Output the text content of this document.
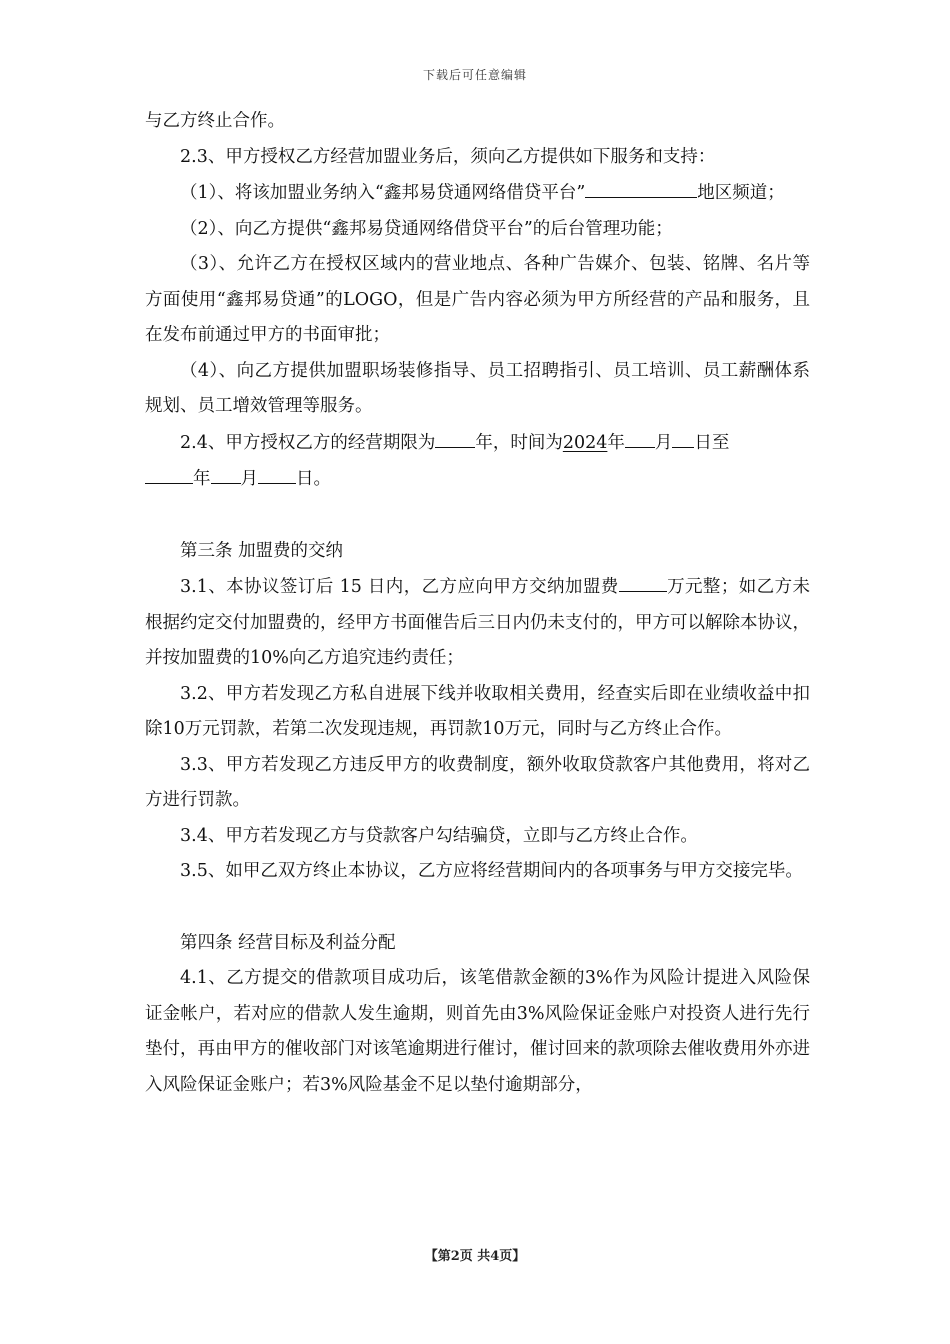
下载后可任意编辑

与乙方终止合作。

2.3、甲方授权乙方经营加盟业务后，须向乙方提供如下服务和支持：

（1）、将该加盟业务纳入“鑫邦易贷通网络借贷平台”	地区频道；

（2）、向乙方提供“鑫邦易贷通网络借贷平台”的后台管理功能；

（3）、允许乙方在授权区域内的营业地点、各种广告媒介、包装、铭牌、名片等方面使用“鑫邦易贷通”的LOGO，但是广告内容必须为甲方所经营的产品和服务，且在发布前通过甲方的书面审批；

（4）、向乙方提供加盟职场装修指导、员工招聘指引、员工培训、员工薪酬体系规划、员工增效管理等服务。

2.4、甲方授权乙方的经营期限为 年，时间为2024年 月 日至
年 月 日。

第三条 加盟费的交纳

3.1、本协议签订后 15 日内，乙方应向甲方交纳加盟费	万元整；如乙方未根据约定交付加盟费的，经甲方书面催告后三日内仍未支付的，甲方可以解除本协议，并按加盟费的10%向乙方追究违约责任；

3.2、甲方若发现乙方私自进展下线并收取相关费用，经查实后即在业绩收益中扣除10万元罚款，若第二次发现违规，再罚款10万元，同时与乙方终止合作。

3.3、甲方若发现乙方违反甲方的收费制度，额外收取贷款客户其他费用，将对乙方进行罚款。

3.4、甲方若发现乙方与贷款客户勾结骗贷，立即与乙方终止合作。

3.5、如甲乙双方终止本协议，乙方应将经营期间内的各项事务与甲方交接完毕。

第四条 经营目标及利益分配

4.1、乙方提交的借款项目成功后，该笔借款金额的3%作为风险计提进入风险保证金帐户，若对应的借款人发生逾期，则首先由3%风险保证金账户对投资人进行先行垫付，再由甲方的催收部门对该笔逾期进行催讨，催讨回来的款项除去催收费用外亦进入风险保证金账户；若3%风险基金不足以垫付逾期部分，

【第2页 共4页】
